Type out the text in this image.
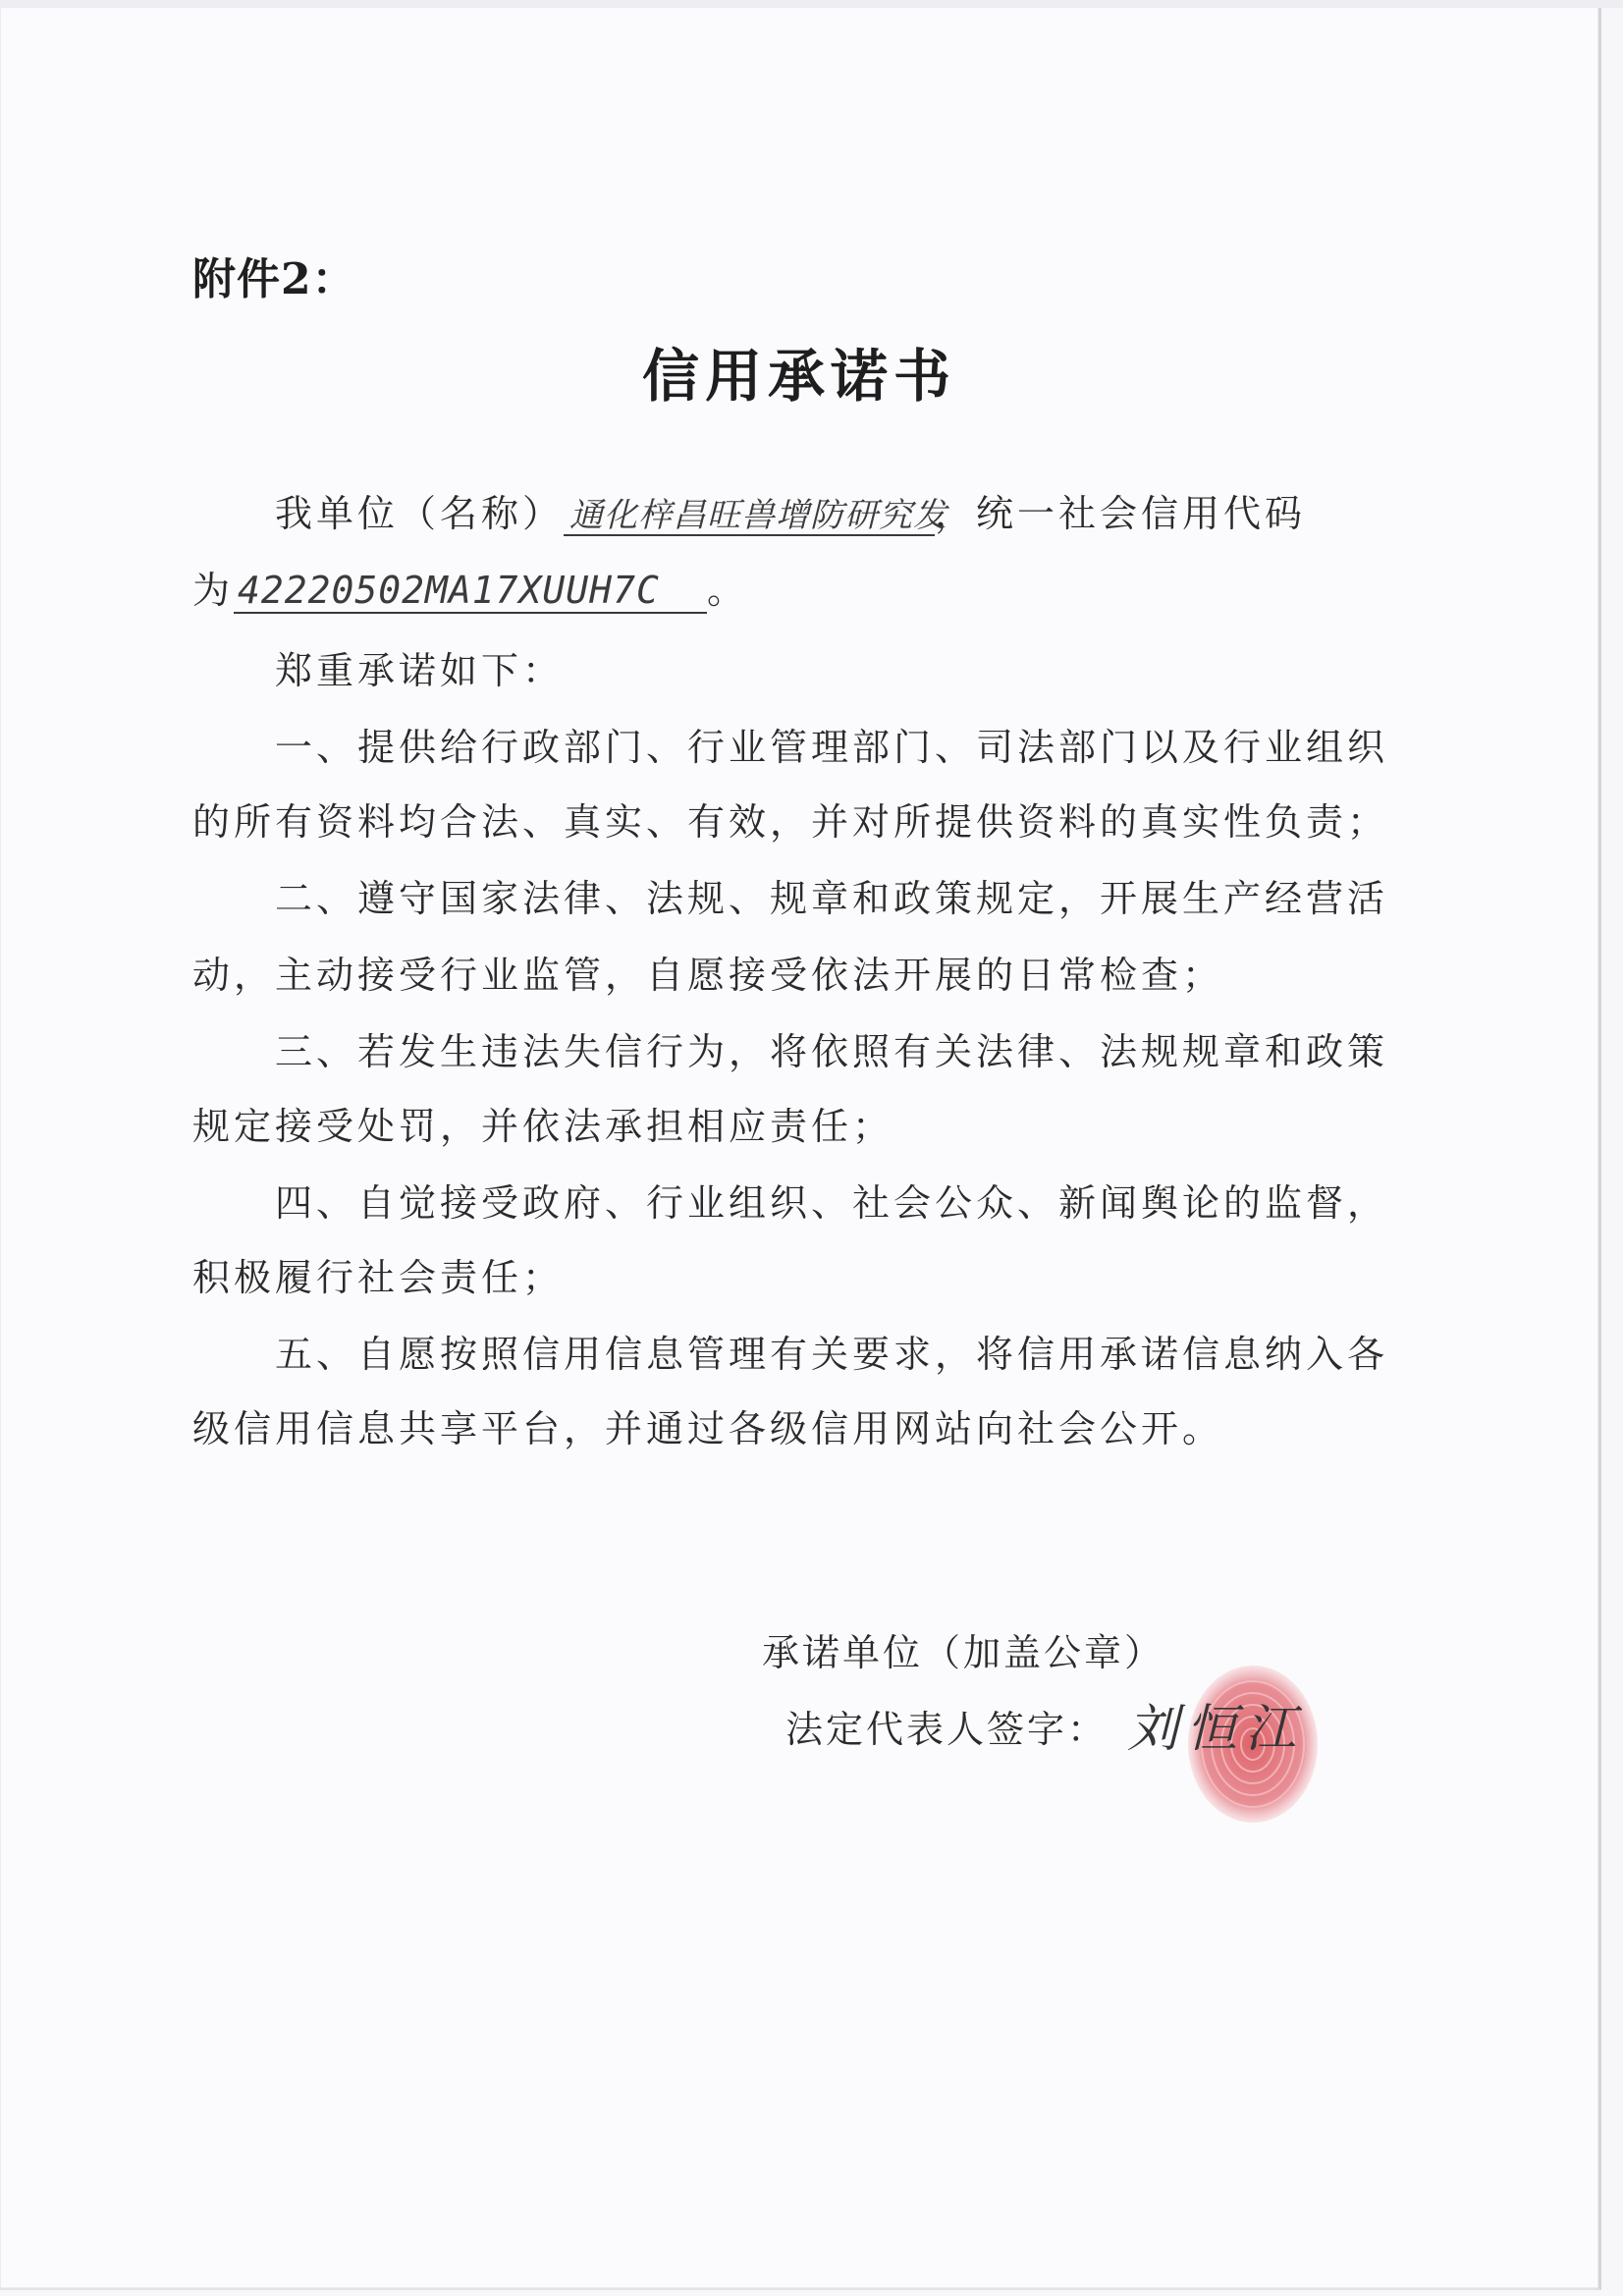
附件2：
信用承诺书
我单位（名称） 通化梓昌旺兽增防研究发，统一社会信用代码
为 42220502MA17XUUH7C 。
郑重承诺如下：
一、提供给行政部门、行业管理部门、司法部门以及行业组织
的所有资料均合法、真实、有效，并对所提供资料的真实性负责；
二、遵守国家法律、法规、规章和政策规定，开展生产经营活
动，主动接受行业监管，自愿接受依法开展的日常检查；
三、若发生违法失信行为，将依照有关法律、法规规章和政策
规定接受处罚，并依法承担相应责任；
四、自觉接受政府、行业组织、社会公众、新闻舆论的监督，
积极履行社会责任；
五、自愿按照信用信息管理有关要求，将信用承诺信息纳入各
级信用信息共享平台，并通过各级信用网站向社会公开。
承诺单位（加盖公章）
法定代表人签字： 刘恒江
